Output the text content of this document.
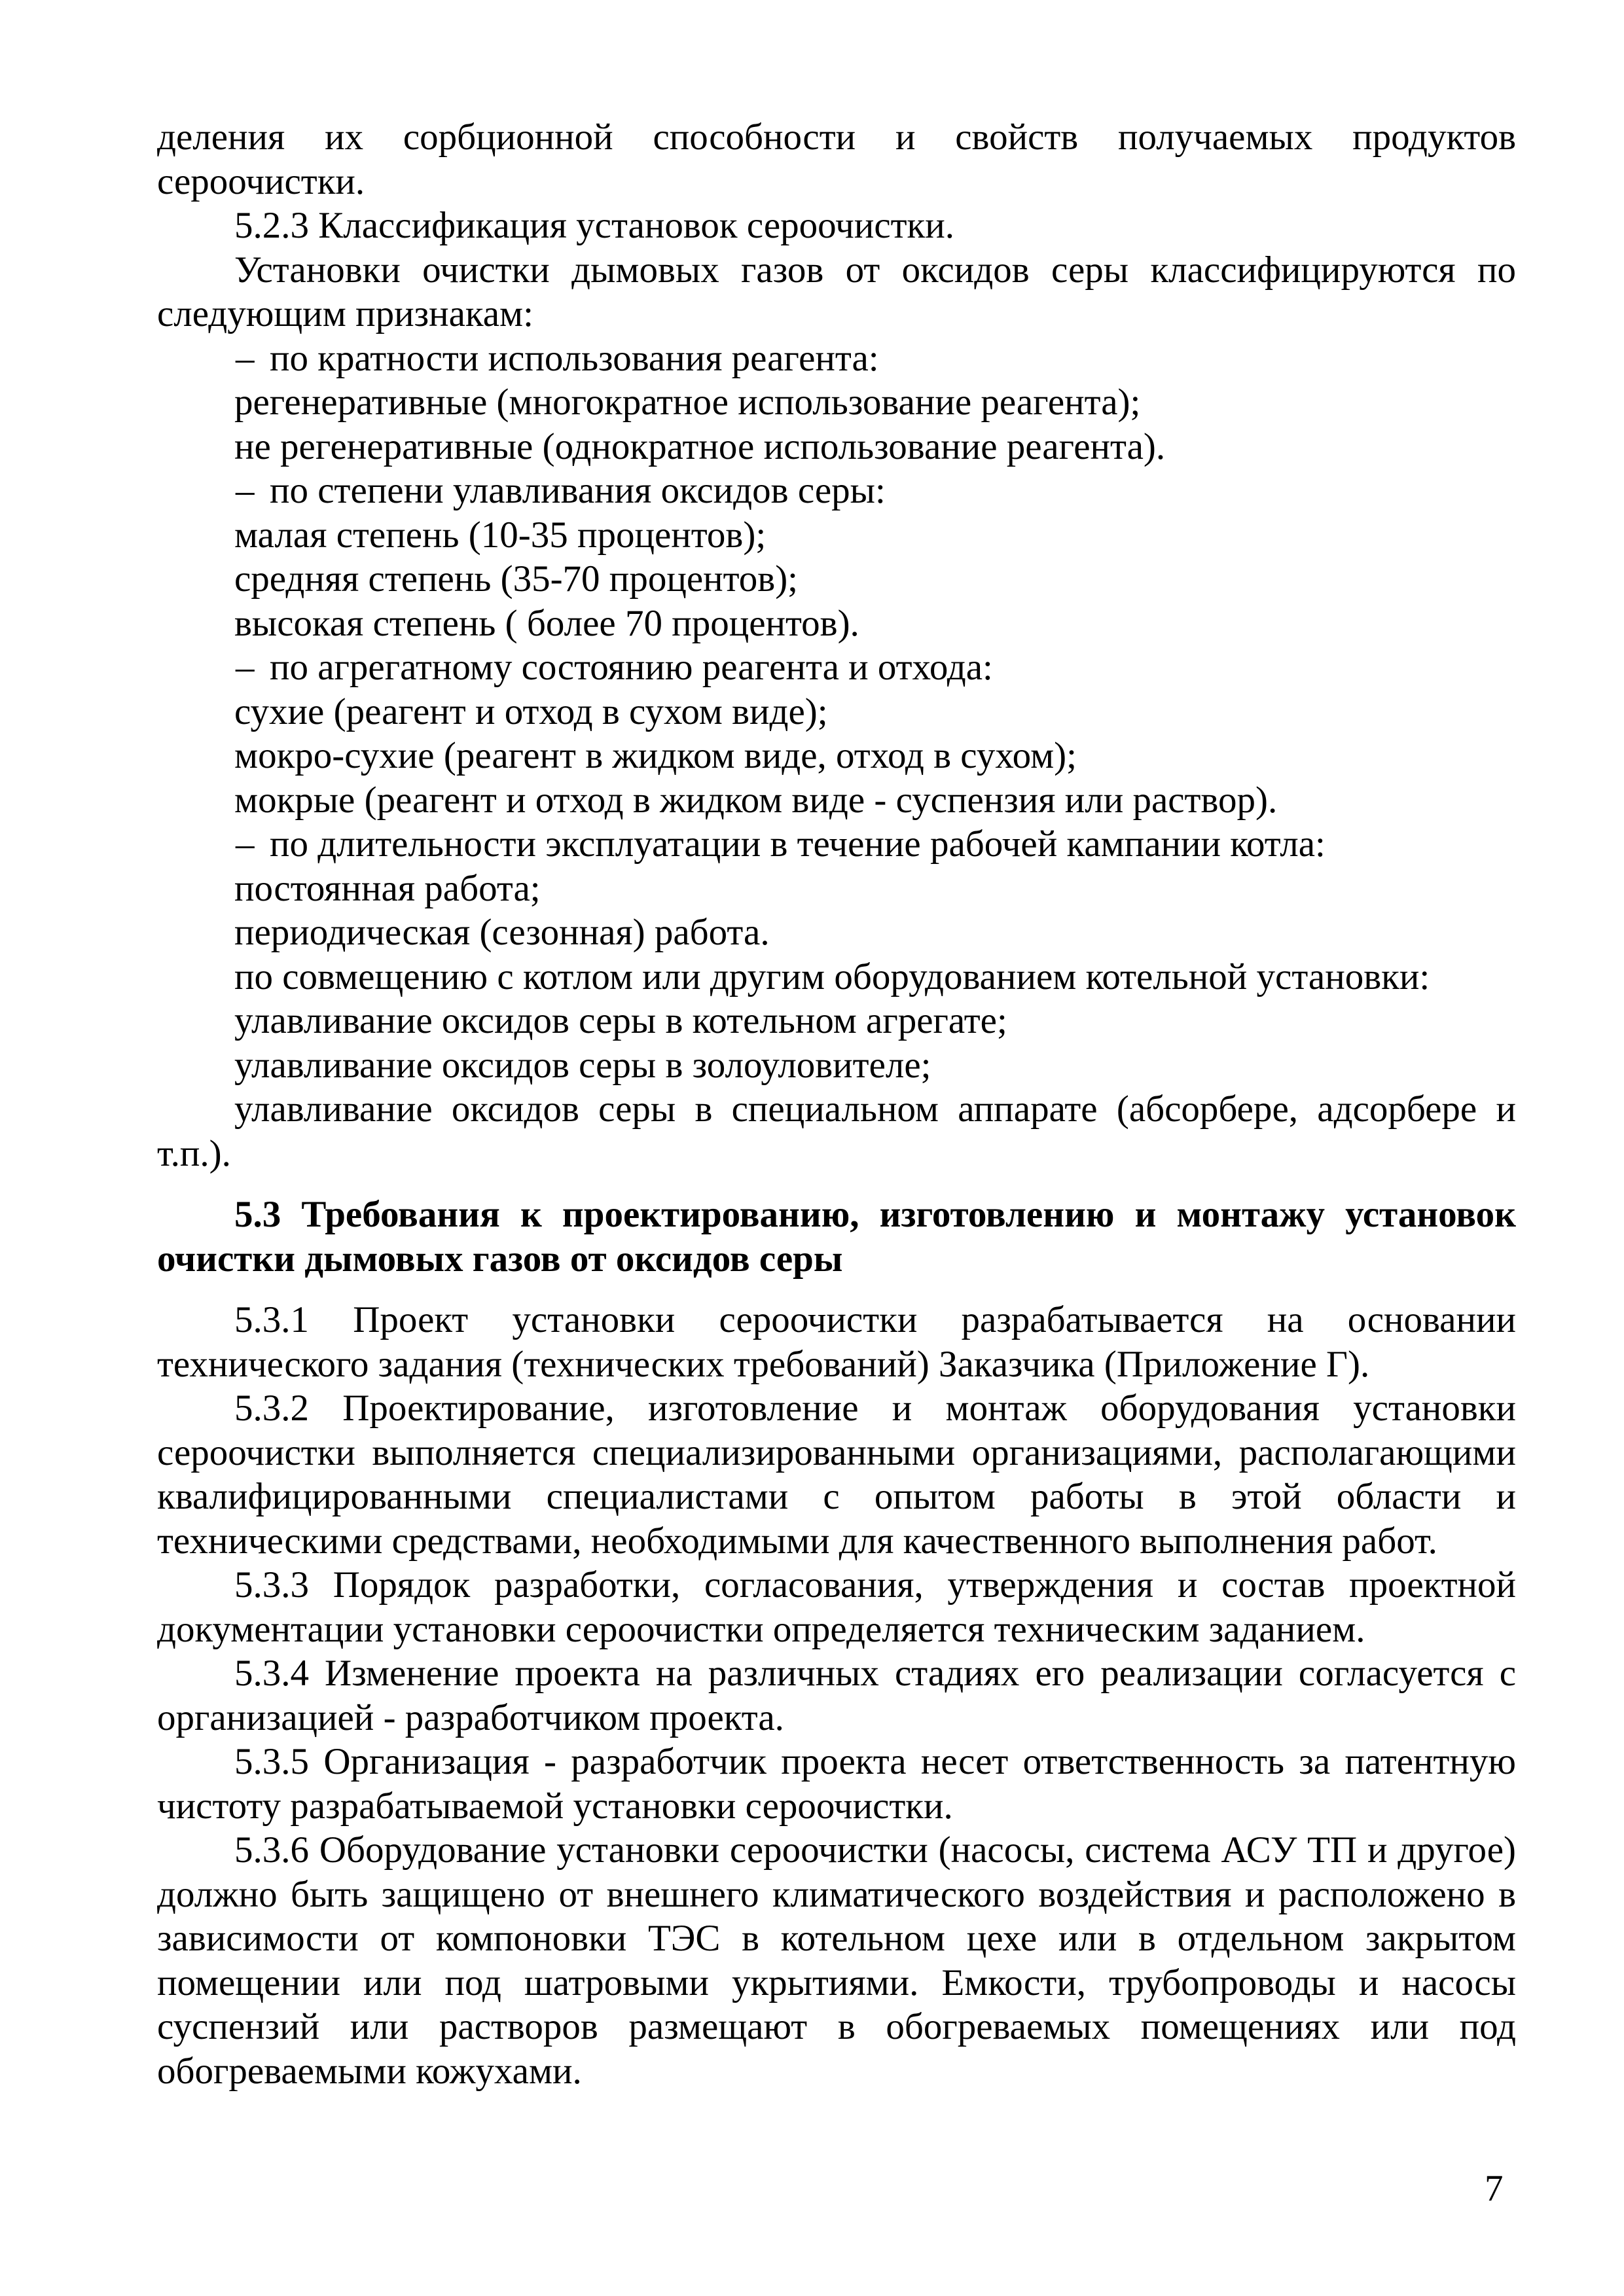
деления их сорбционной способности и свойств получаемых продуктов сероочистки.

5.2.3 Классификация установок сероочистки.

Установки очистки дымовых газов от оксидов серы классифицируются по следующим признакам:

– по кратности использования реагента:
регенеративные (многократное использование реагента);
не регенеративные (однократное использование реагента).
– по степени улавливания оксидов серы:
малая степень (10-35 процентов);
средняя степень (35-70 процентов);
высокая степень ( более 70 процентов).
– по агрегатному состоянию реагента и отхода:
сухие (реагент и отход в сухом виде);
мокро-сухие (реагент в жидком виде, отход в сухом);
мокрые (реагент и отход в жидком виде - суспензия или раствор).
– по длительности эксплуатации в течение рабочей кампании котла:
постоянная работа;
периодическая (сезонная) работа.
по совмещению с котлом или другим оборудованием котельной установки:
улавливание оксидов серы в котельном агрегате;
улавливание оксидов серы в золоуловителе;

улавливание оксидов серы в специальном аппарате (абсорбере, адсорбере и т.п.).

5.3 Требования к проектированию, изготовлению и монтажу установок очистки дымовых газов от оксидов серы

5.3.1 Проект установки сероочистки разрабатывается на основании технического задания (технических требований) Заказчика (Приложение Г).

5.3.2 Проектирование, изготовление и монтаж оборудования установки сероочистки выполняется специализированными организациями, располагающими квалифицированными специалистами с опытом работы в этой области и техническими средствами, необходимыми для качественного выполнения работ.

5.3.3 Порядок разработки, согласования, утверждения и состав проектной документации установки сероочистки определяется техническим заданием.

5.3.4 Изменение проекта на различных стадиях его реализации согласуется с организацией - разработчиком проекта.

5.3.5 Организация - разработчик проекта несет ответственность за патентную чистоту разрабатываемой установки сероочистки.

5.3.6 Оборудование установки сероочистки (насосы, система АСУ ТП и другое) должно быть защищено от внешнего климатического воздействия и расположено в зависимости от компоновки ТЭС в котельном цехе или в отдельном закрытом помещении или под шатровыми укрытиями. Емкости, трубопроводы и насосы суспензий или растворов размещают в обогреваемых помещениях или под обогреваемыми кожухами.

7
